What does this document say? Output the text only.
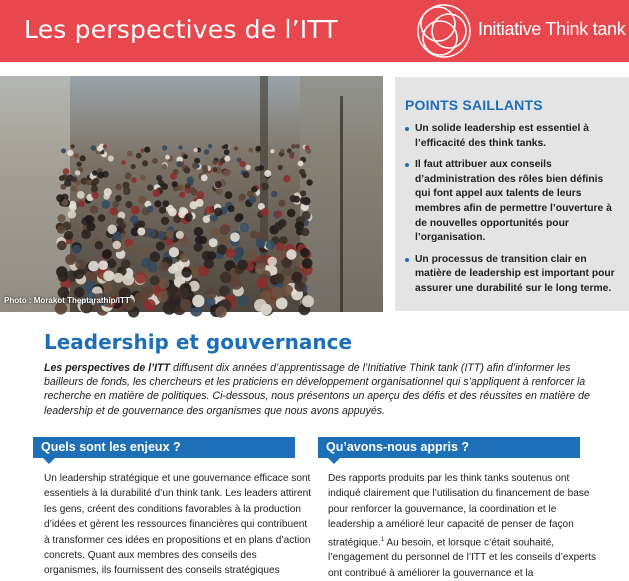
Les perspectives de l’ITT	Initiative Think tank
Photo : Morakot Theptarathip/ITT
POINTS SAILLANTS
Un solide leadership est essentiel à l’efficacité des think tanks.
Il faut attribuer aux conseils d’administration des rôles bien définis qui font appel aux talents de leurs membres afin de permettre l’ouverture à de nouvelles opportunités pour l’organisation.
Un processus de transition clair en matière de leadership est important pour assurer une durabilité sur le long terme.
Leadership et gouvernance

Les perspectives de l’ITT diffusent dix années d’apprentissage de l’Initiative Think tank (ITT) afin d’informer les bailleurs de fonds, les chercheurs et les praticiens en développement organisationnel qui s’appliquent à renforcer la recherche en matière de politiques. Ci-dessous, nous présentons un aperçu des défis et des réussites en matière de leadership et de gouvernance des organismes que nous avons appuyés.

Quels sont les enjeux ?	Qu’avons-nous appris ?

Un leadership stratégique et une gouvernance efficace sont essentiels à la durabilité d’un think tank. Les leaders attirent les gens, créent des conditions favorables à la production d’idées et gèrent les ressources financières qui contribuent à transformer ces idées en propositions et en plans d’action concrets. Quant aux membres des conseils des organismes, ils fournissent des conseils stratégiques

Des rapports produits par les think tanks soutenus ont indiqué clairement que l’utilisation du financement de base pour renforcer la gouvernance, la coordination et le leadership a amélioré leur capacité de penser de façon stratégique.$^1$ Au besoin, et lorsque c’était souhaité, l’engagement du personnel de l’ITT et les conseils d’experts ont contribué à améliorer la gouvernance et la
